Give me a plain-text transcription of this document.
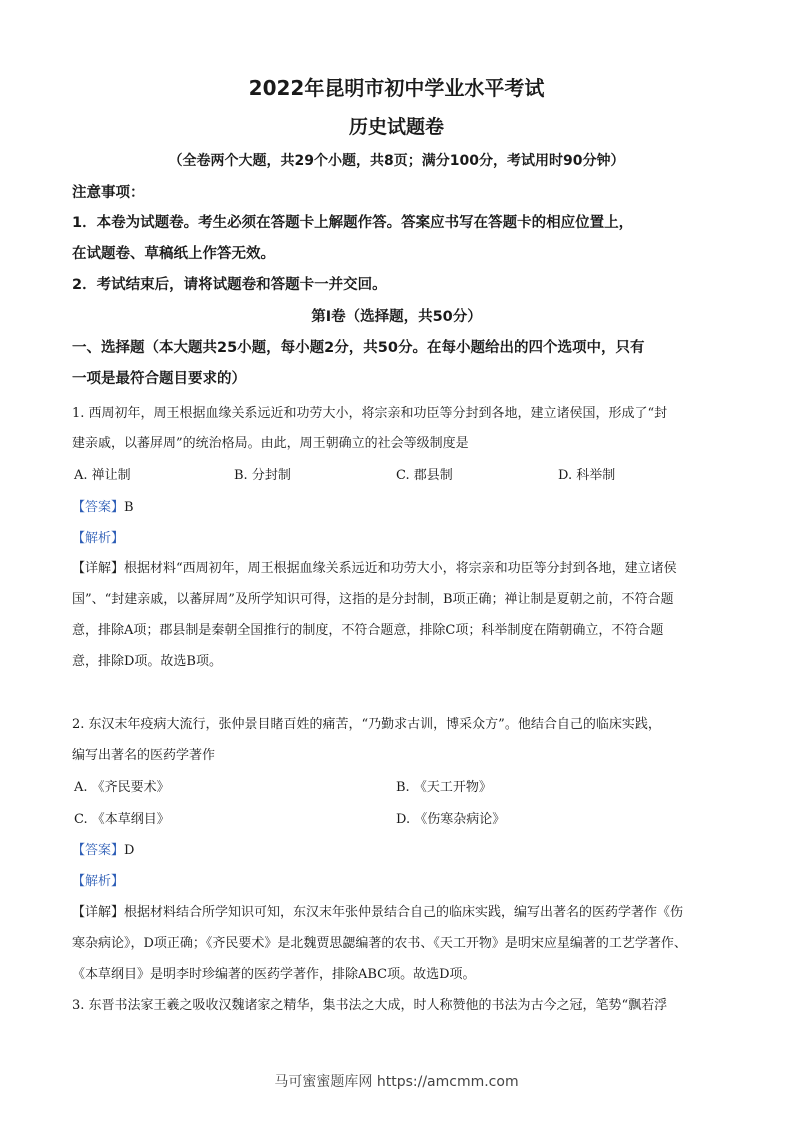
2022年昆明市初中学业水平考试
历史试题卷
（全卷两个大题，共29个小题，共8页；满分100分，考试用时90分钟）
注意事项：
1．本卷为试题卷。考生必须在答题卡上解题作答。答案应书写在答题卡的相应位置上，
在试题卷、草稿纸上作答无效。
2．考试结束后，请将试题卷和答题卡一并交回。
第Ⅰ卷（选择题，共50分）
一、选择题（本大题共25小题，每小题2分，共50分。在每小题给出的四个选项中，只有
一项是最符合题目要求的）
1. 西周初年，周王根据血缘关系远近和功劳大小，将宗亲和功臣等分封到各地，建立诸侯国，形成了“封
建亲戚，以蕃屏周”的统治格局。由此，周王朝确立的社会等级制度是
A. 禅让制	B. 分封制	C. 郡县制	D. 科举制
【答案】B
【解析】
【详解】根据材料“西周初年，周王根据血缘关系远近和功劳大小，将宗亲和功臣等分封到各地，建立诸侯
国”、“封建亲戚，以蕃屏周”及所学知识可得，这指的是分封制，B项正确；禅让制是夏朝之前，不符合题
意，排除A项；郡县制是秦朝全国推行的制度，不符合题意，排除C项；科举制度在隋朝确立，不符合题
意，排除D项。故选B项。
2. 东汉末年疫病大流行，张仲景目睹百姓的痛苦，“乃勤求古训，博采众方”。他结合自己的临床实践，
编写出著名的医药学著作
A. 《齐民要术》	B. 《天工开物》
C. 《本草纲目》	D. 《伤寒杂病论》
【答案】D
【解析】
【详解】根据材料结合所学知识可知，东汉末年张仲景结合自己的临床实践，编写出著名的医药学著作《伤
寒杂病论》，D项正确；《齐民要术》是北魏贾思勰编著的农书、《天工开物》是明宋应星编著的工艺学著作、
《本草纲目》是明李时珍编著的医药学著作，排除ABC项。故选D项。
3. 东晋书法家王羲之吸收汉魏诸家之精华，集书法之大成，时人称赞他的书法为古今之冠，笔势“飘若浮
马可蜜蜜题库网 https://amcmm.com
